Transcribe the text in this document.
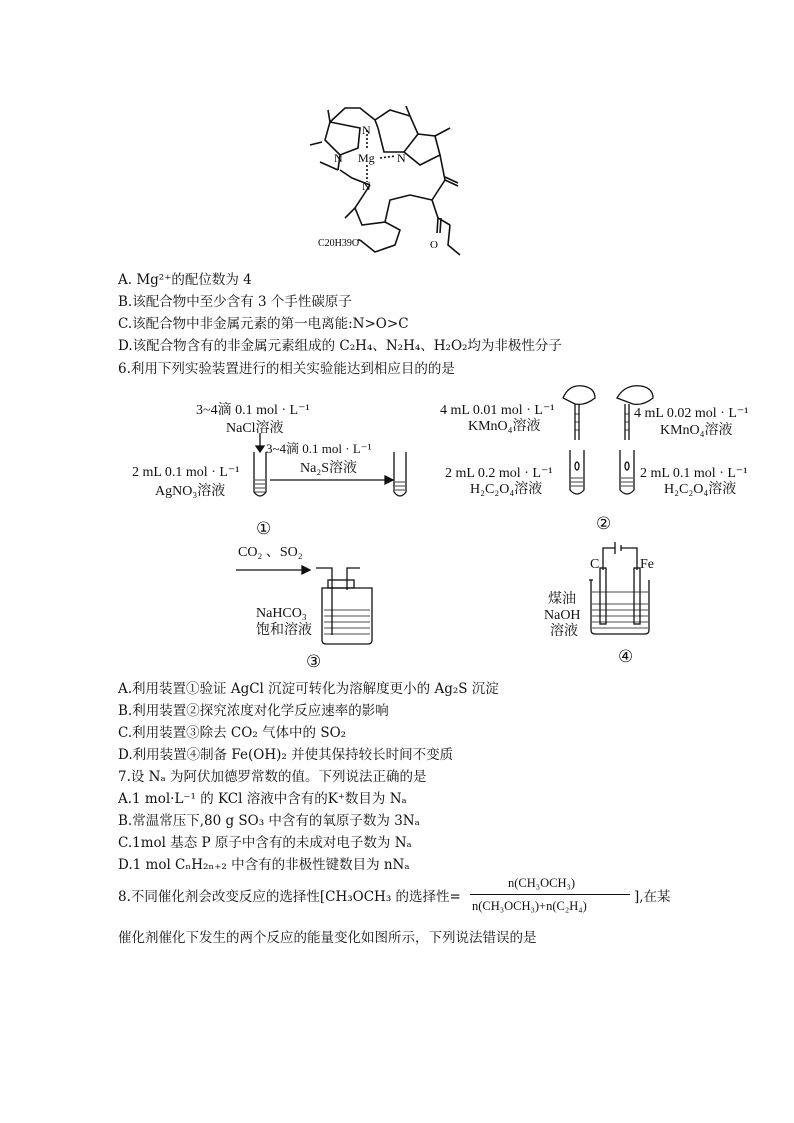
N
N Mg N
N
C20H39O	O
A. Mg²⁺的配位数为 4
B.该配合物中至少含有 3 个手性碳原子
C.该配合物中非金属元素的第一电离能:N>O>C
D.该配合物含有的非金属元素组成的 C₂H₄、N₂H₄、H₂O₂均为非极性分子
6.利用下列实验装置进行的相关实验能达到相应目的的是
3~4滴 0.1 mol · L⁻¹
NaCl溶液
3~4滴 0.1 mol · L⁻¹
Na₂S溶液
2 mL 0.1 mol · L⁻¹
AgNO₃溶液
①
4 mL 0.01 mol · L⁻¹
KMnO₄溶液
4 mL 0.02 mol · L⁻¹
KMnO₄溶液
2 mL 0.2 mol · L⁻¹
H₂C₂O₄溶液
2 mL 0.1 mol · L⁻¹
H₂C₂O₄溶液
②
CO₂ 、SO₂
NaHCO₃
饱和溶液
③
C	Fe
煤油
NaOH
溶液
④
A.利用装置①验证 AgCl 沉淀可转化为溶解度更小的 Ag₂S 沉淀
B.利用装置②探究浓度对化学反应速率的影响
C.利用装置③除去 CO₂ 气体中的 SO₂
D.利用装置④制备 Fe(OH)₂ 并使其保持较长时间不变质
7.设 Nₐ 为阿伏加德罗常数的值。下列说法正确的是
A.1 mol·L⁻¹ 的 KCl 溶液中含有的K⁺数目为 Nₐ
B.常温常压下,80 g SO₃ 中含有的氧原子数为 3Nₐ
C.1mol 基态 P 原子中含有的未成对电子数为 Nₐ
D.1 mol CₙH₂ₙ₊₂ 中含有的非极性键数目为 nNₐ
8.不同催化剂会改变反应的选择性[CH₃OCH₃ 的选择性=
n(CH₃OCH₃)
n(CH₃OCH₃)+n(C₂H₄)
],在某
催化剂催化下发生的两个反应的能量变化如图所示，下列说法错误的是
